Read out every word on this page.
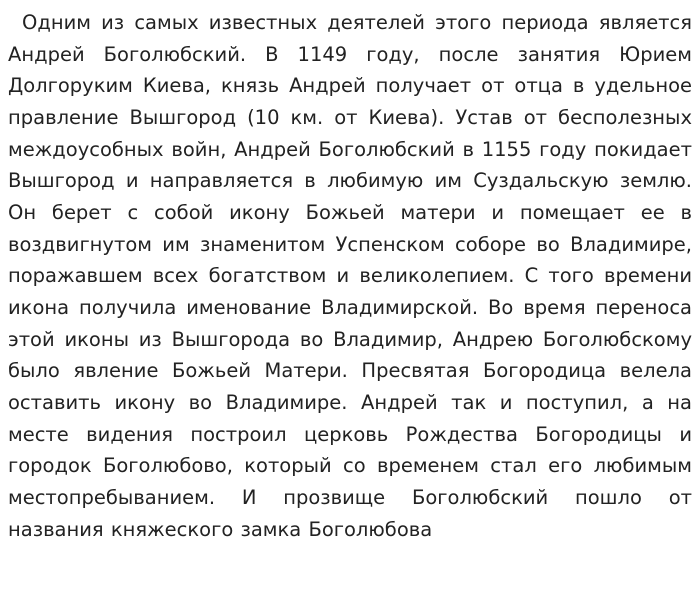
Одним из самых известных деятелей этого периода является Андрей Боголюбский. В 1149 году, после занятия Юрием Долгоруким Киева, князь Андрей получает от отца в удельное правление Вышгород (10 км. от Киева). Устав от бесполезных междоусобных войн, Андрей Боголюбский в 1155 году покидает Вышгород и направляется в любимую им Суздальскую землю. Он берет с собой икону Божьей матери и помещает ее в воздвигнутом им знаменитом Успенском соборе во Владимире, поражавшем всех богатством и великолепием. С того времени икона получила именование Владимирской. Во время переноса этой иконы из Вышгорода во Владимир, Андрею Боголюбскому было явление Божьей Матери. Пресвятая Богородица велела оставить икону во Владимире. Андрей так и поступил, а на месте видения построил церковь Рождества Богородицы и городок Боголюбово, который со временем стал его любимым местопребыванием. И прозвище Боголюбский пошло от названия княжеского замка Боголюбова
